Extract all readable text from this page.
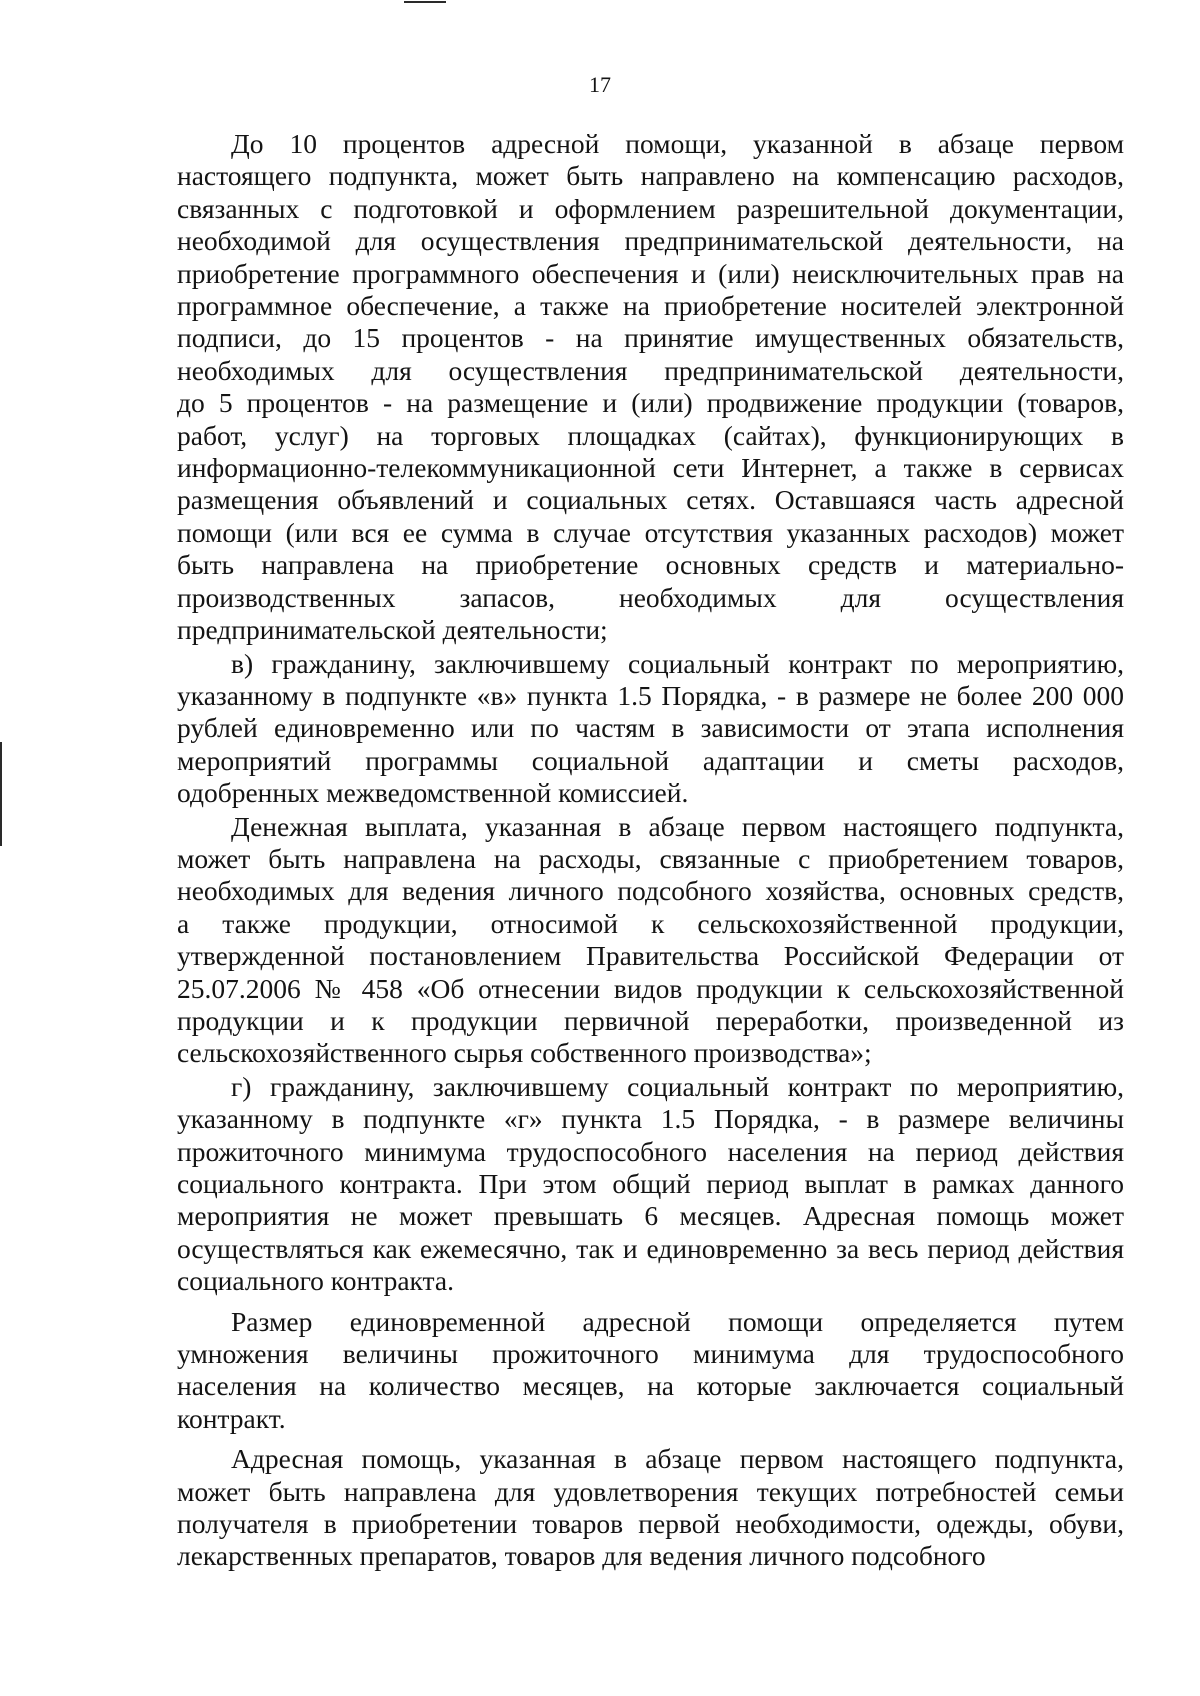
17

До 10 процентов адресной помощи, указанной в абзаце первом
настоящего подпункта, может быть направлено на компенсацию расходов,
связанных с подготовкой и оформлением разрешительной документации,
необходимой для осуществления предпринимательской деятельности, на
приобретение программного обеспечения и (или) неисключительных прав на
программное обеспечение, а также на приобретение носителей электронной
подписи, до 15 процентов - на принятие имущественных обязательств,
необходимых для осуществления предпринимательской деятельности,
до 5 процентов - на размещение и (или) продвижение продукции (товаров,
работ, услуг) на торговых площадках (сайтах), функционирующих в
информационно-телекоммуникационной сети Интернет, а также в сервисах
размещения объявлений и социальных сетях. Оставшаяся часть адресной
помощи (или вся ее сумма в случае отсутствия указанных расходов) может
быть направлена на приобретение основных средств и материально-
производственных запасов, необходимых для осуществления
предпринимательской деятельности;

в) гражданину, заключившему социальный контракт по мероприятию,
указанному в подпункте «в» пункта 1.5 Порядка, - в размере не более 200 000
рублей единовременно или по частям в зависимости от этапа исполнения
мероприятий программы социальной адаптации и сметы расходов,
одобренных межведомственной комиссией.

Денежная выплата, указанная в абзаце первом настоящего подпункта,
может быть направлена на расходы, связанные с приобретением товаров,
необходимых для ведения личного подсобного хозяйства, основных средств,
а также продукции, относимой к сельскохозяйственной продукции,
утвержденной постановлением Правительства Российской Федерации от
25.07.2006 № 458 «Об отнесении видов продукции к сельскохозяйственной
продукции и к продукции первичной переработки, произведенной из
сельскохозяйственного сырья собственного производства»;

г) гражданину, заключившему социальный контракт по мероприятию,
указанному в подпункте «г» пункта 1.5 Порядка, - в размере величины
прожиточного минимума трудоспособного населения на период действия
социального контракта. При этом общий период выплат в рамках данного
мероприятия не может превышать 6 месяцев. Адресная помощь может
осуществляться как ежемесячно, так и единовременно за весь период действия
социального контракта.

Размер единовременной адресной помощи определяется путем
умножения величины прожиточного минимума для трудоспособного
населения на количество месяцев, на которые заключается социальный
контракт.

Адресная помощь, указанная в абзаце первом настоящего подпункта,
может быть направлена для удовлетворения текущих потребностей семьи
получателя в приобретении товаров первой необходимости, одежды, обуви,
лекарственных препаратов, товаров для ведения личного подсобного
